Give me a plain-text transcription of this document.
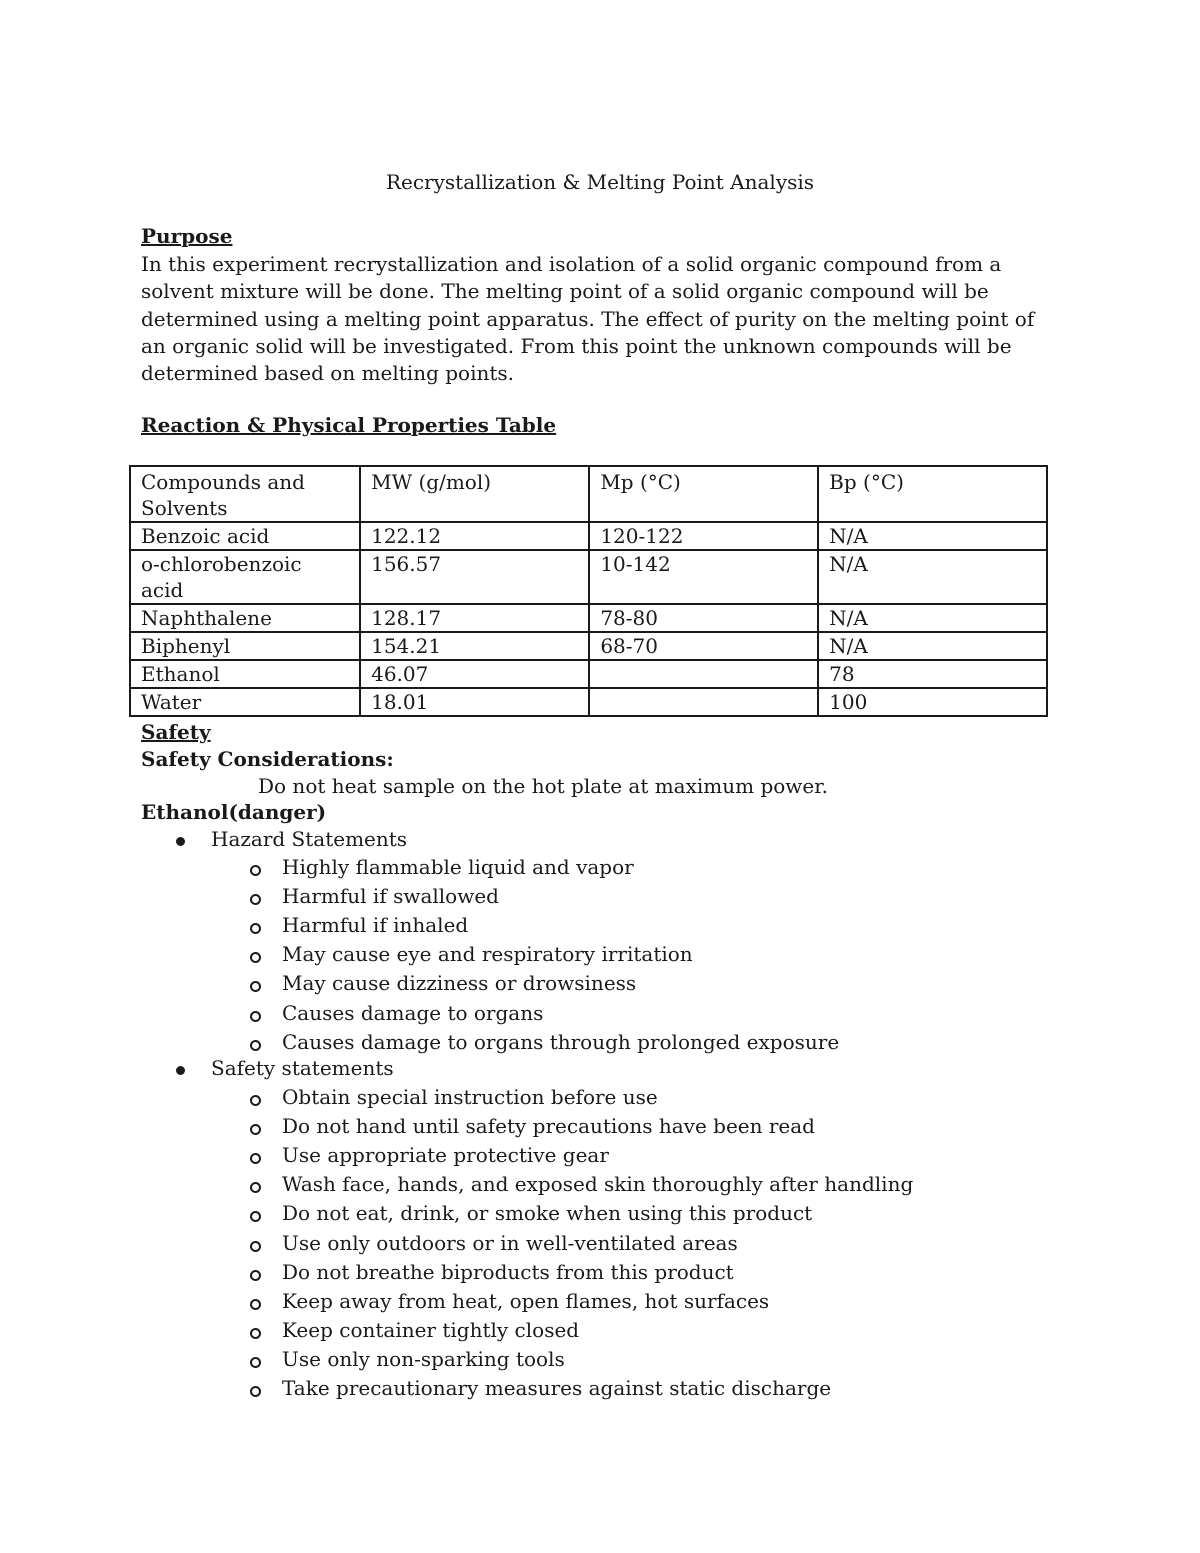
Recrystallization & Melting Point Analysis
Purpose
In this experiment recrystallization and isolation of a solid organic compound from a solvent mixture will be done. The melting point of a solid organic compound will be determined using a melting point apparatus. The effect of purity on the melting point of an organic solid will be investigated. From this point the unknown compounds will be determined based on melting points.
Reaction & Physical Properties Table
Compounds and Solvents	MW (g/mol)	Mp (°C)	Bp (°C)
Benzoic acid	122.12	120-122	N/A
o-chlorobenzoic acid	156.57	10-142	N/A
Naphthalene	128.17	78-80	N/A
Biphenyl	154.21	68-70	N/A
Ethanol	46.07		78
Water	18.01		100
Safety
Safety Considerations:
Do not heat sample on the hot plate at maximum power.
Ethanol(danger)
Hazard Statements
Highly flammable liquid and vapor
Harmful if swallowed
Harmful if inhaled
May cause eye and respiratory irritation
May cause dizziness or drowsiness
Causes damage to organs
Causes damage to organs through prolonged exposure
Safety statements
Obtain special instruction before use
Do not hand until safety precautions have been read
Use appropriate protective gear
Wash face, hands, and exposed skin thoroughly after handling
Do not eat, drink, or smoke when using this product
Use only outdoors or in well-ventilated areas
Do not breathe biproducts from this product
Keep away from heat, open flames, hot surfaces
Keep container tightly closed
Use only non-sparking tools
Take precautionary measures against static discharge
